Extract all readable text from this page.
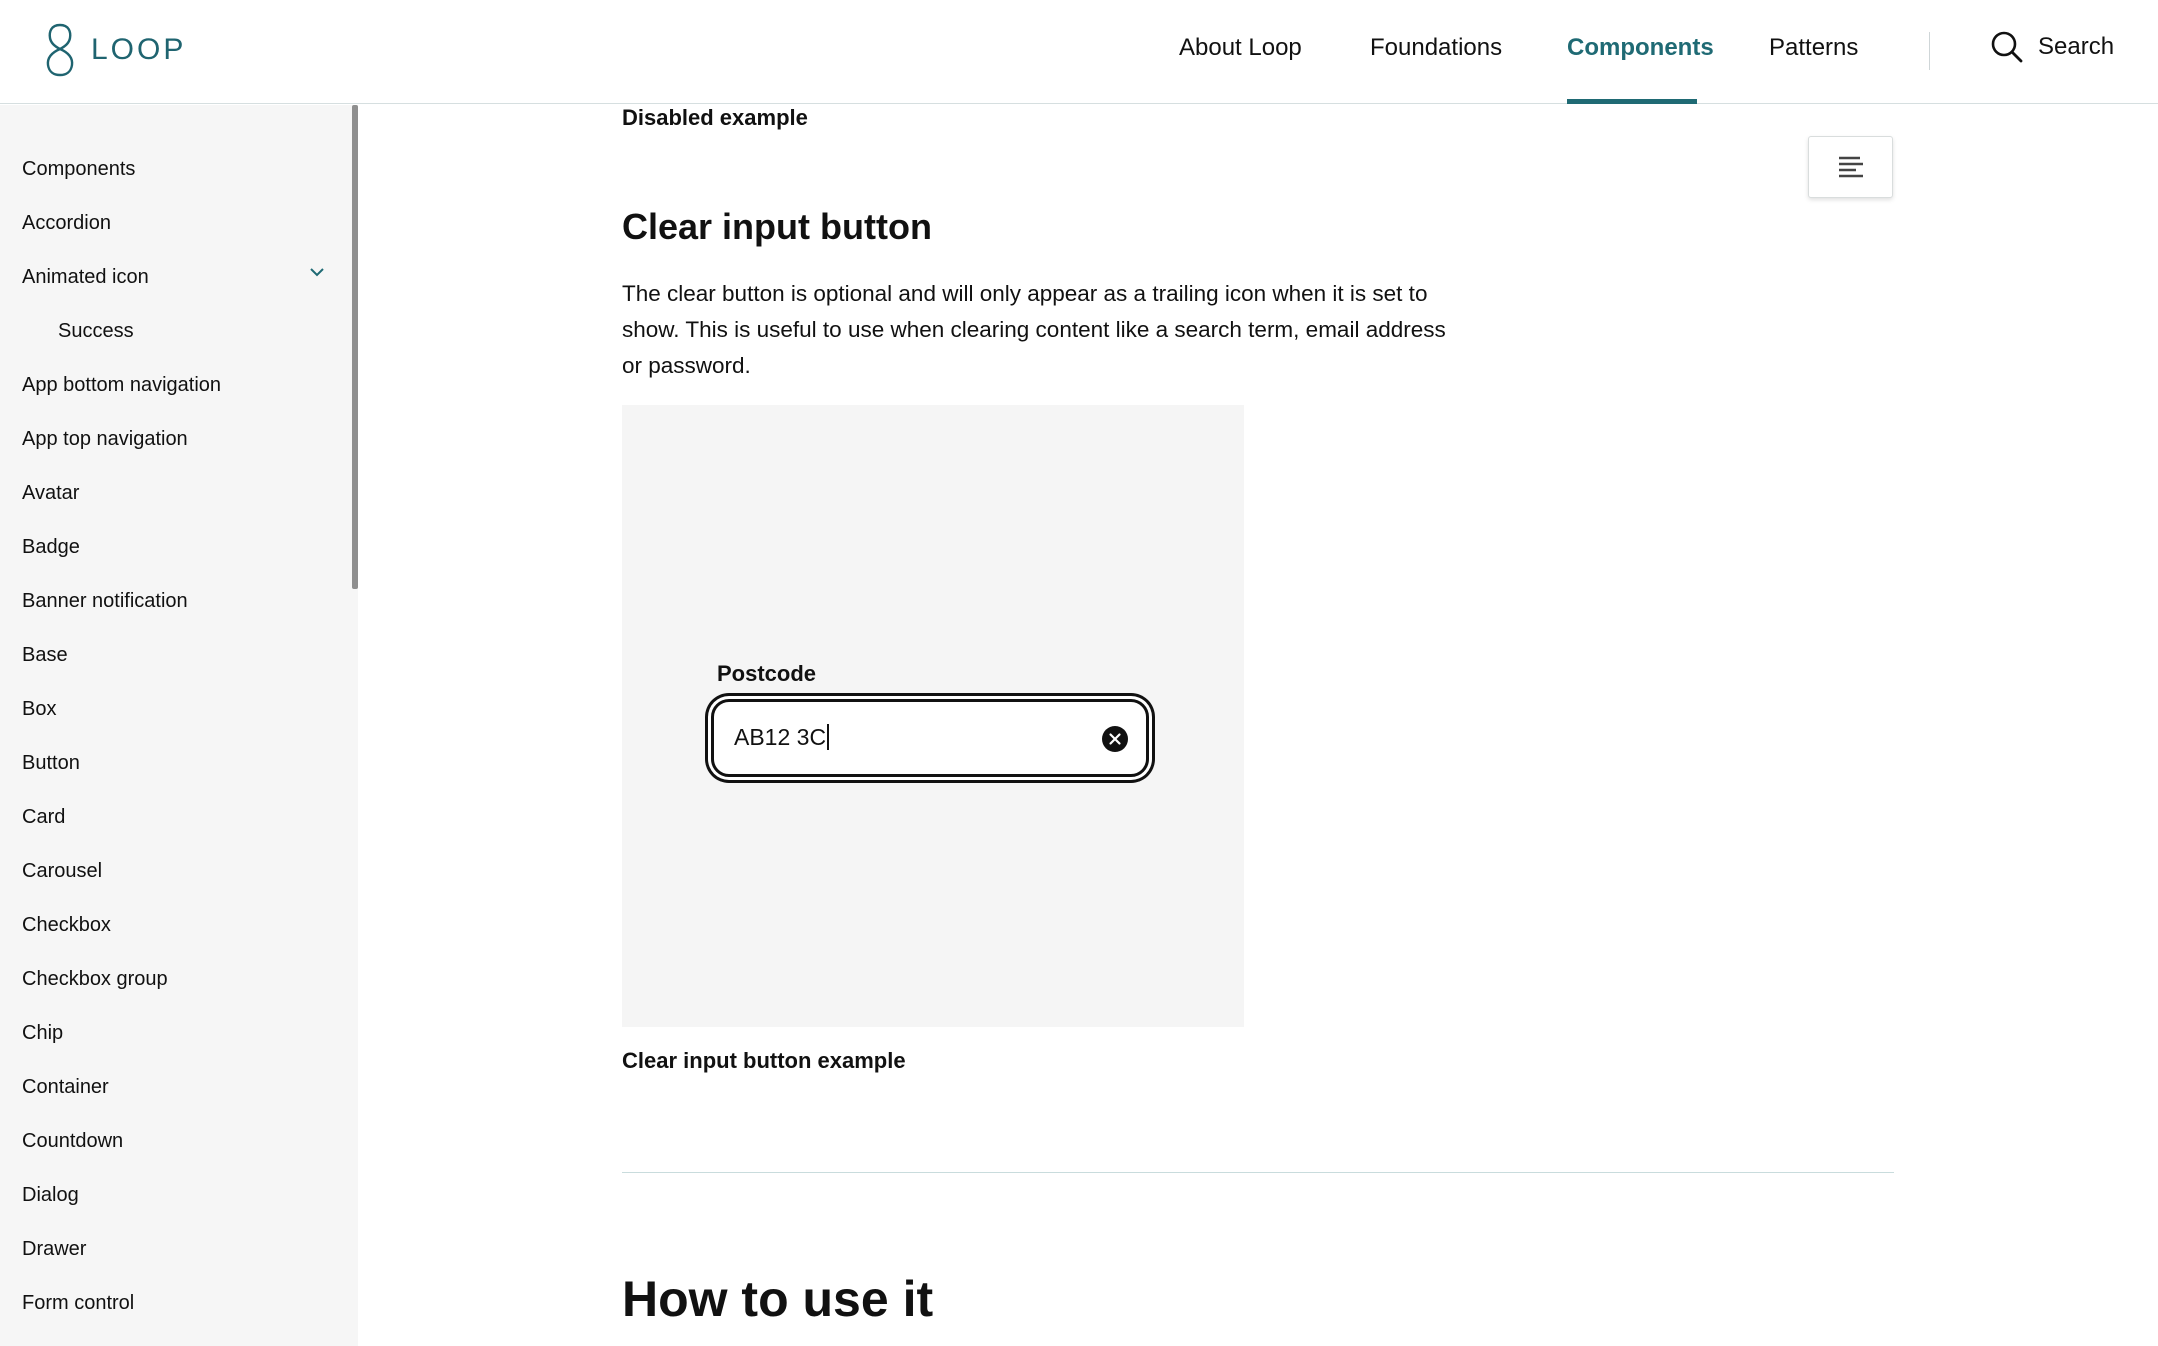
LOOP	About Loop	Foundations	Components Patterns	Search
Components
Accordion
Animated icon
Success
App bottom navigation
App top navigation
Avatar
Badge
Banner notification
Base
Box
Button
Card
Carousel
Checkbox
Checkbox group
Chip
Container
Countdown
Dialog
Drawer
Form control
Disabled example
Clear input button

The clear button is optional and will only appear as a trailing icon when it is set to show. This is useful to use when clearing content like a search term, email address or password.

Postcode
AB12 3C
Clear input button example
How to use it
